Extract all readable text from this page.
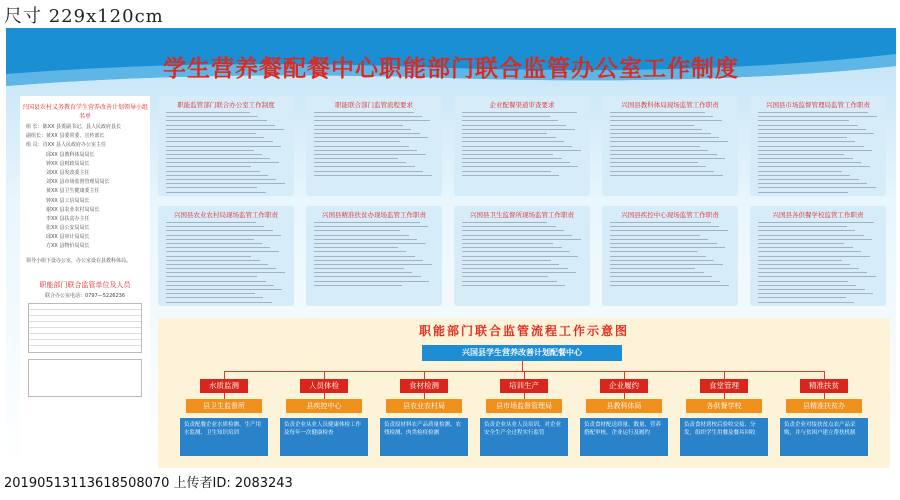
尺寸 229x120cm
学生营养餐配餐中心职能部门联合监管办公室工作制度
兴国县农村义务教育学生营养改善计划领导小组名单
组 长：陈XX 县委副书记、县人民政府县长
副组长：黄XX 县委常委、宣传部长
组 员：肖XX 县人民政府办公室主任
　　　　邱XX 县教科体局局长
　　　　钟XX 县财政局局长
　　　　刘XX 县发改委主任
　　　　刘XX 县市场监督管理局局长
　　　　黄XX 县卫生健康委主任
　　　　钟XX 县工信局局长
　　　　谢XX 县农业农村局局长
　　　　李XX 县扶贫办主任
　　　　张XX 县公安局局长
　　　　邱XX 县审计局局长
　　　　方XX 县物价局局长
领导小组下设办公室，办公室设在县教科体局。
职能部门联合监管单位及人员
联合办公室电话：0797—5226236
职能监管部门联合办公室工作制度	职能联合部门监管流程要求	企业配餐渠道审查要求	兴国县教科体局现场监管工作职责	兴国县市场监督管理局监管工作职责
兴国县农业农村局现场监管工作职责	兴国县精准扶贫办现场监管工作职责	兴国县卫生监督所现场监管工作职责	兴国县疾控中心现场监管工作职责	兴国县各供餐学校监管工作职责
职能部门联合监管流程工作示意图
兴国县学生营养改善计划配餐中心
水质监测
县卫生监督所
负责配餐企业水质检测、生产用水监测、卫生知识培训
人员体检
县疾控中心
负责企业从业人员健康体检工作及每年一次健康检查
食材检测
县农业农村局
负责原材料农产品质量检测、农残检测、肉类检疫检测
培训生产
县市场监督管理局
负责企业从业人员培训，对企业安全生产全过程实行监管
企业履约
县教科体局
负责食材配送质量、数量、营养搭配审核，企业运行及履约
食堂管理
各供餐学校
负责食材到校后验收交接、分发，组织学生用餐及餐具回收
精准扶贫
县精准扶贫办
负责企业对接扶贫点农产品采购，并与贫困户建立帮扶机制
20190513113618508070 上传者ID: 2083243
